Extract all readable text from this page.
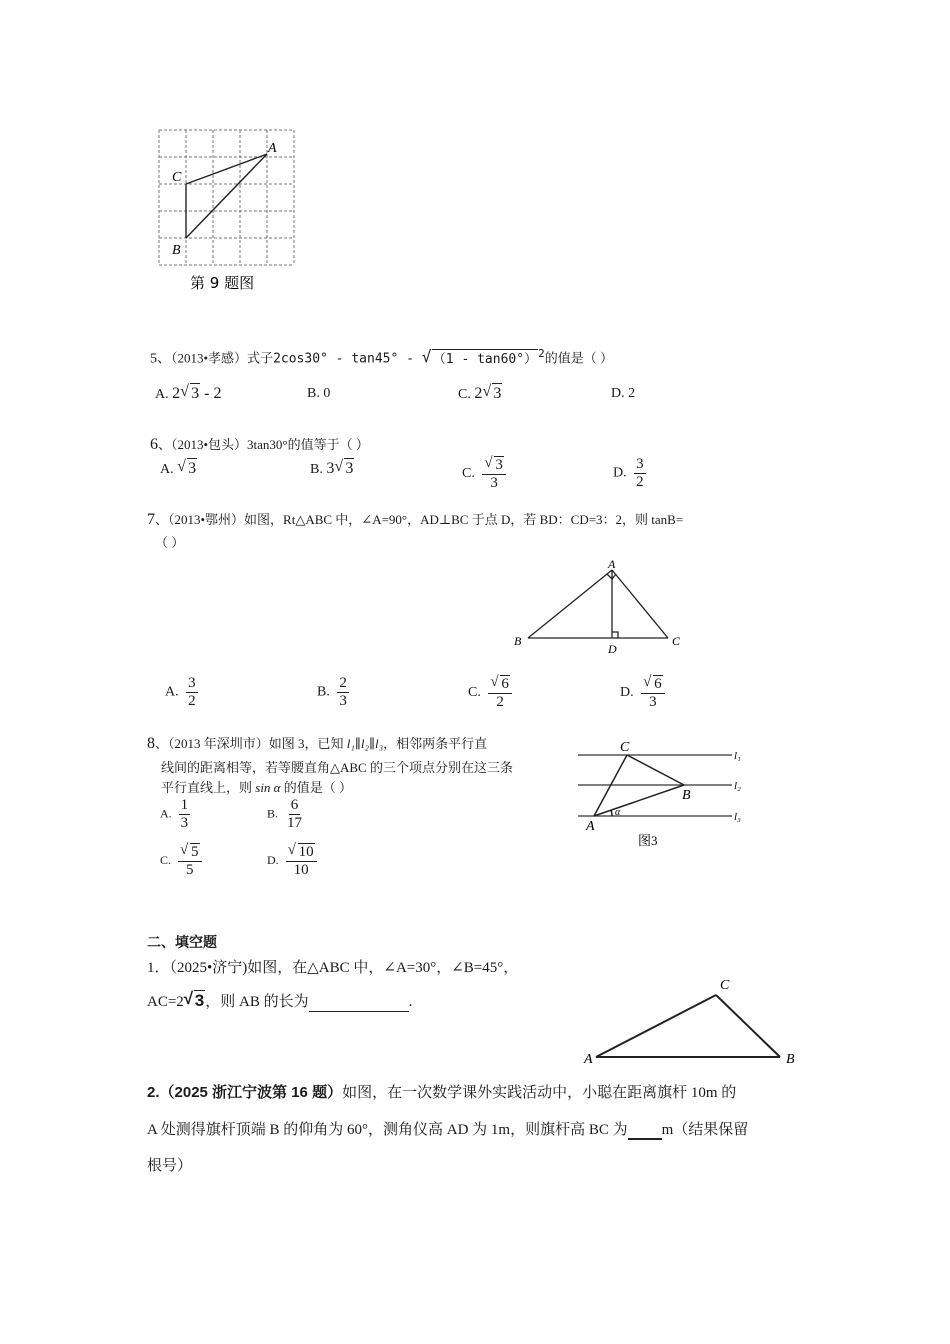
A
C
B
第 9 题图
5、（2013•孝感）式子2cos30° - tan45° - √ （1 - tan60°）$^2$的值是（ ）
A. 2 √ 3 - 2	B. 0	C. 2 √ 3	D. 2
6、（2013•包头）3tan30°的值等于（ ）
A. √ 3	B. 3 √ 3	C. √ $\frac{3}{3}$	D. $\frac{3}{2}$
7、（2013•鄂州）如图，Rt△ABC 中，∠A=90°，AD⊥BC 于点 D，若 BD：CD=3：2，则 tanB=
（ ）
A
B	C
D
A. $\frac{3}{2}$	B. $\frac{2}{3}$	C. √ $\frac{6}{2}$	D. √ $\frac{6}{3}$
8、（2013 年深圳市）如图 3，已知 l₁∥l₂∥l₃，相邻两条平行直
线间的距离相等，若等腰直角△ABC 的三个项点分别在这三条
平行直线上，则 sin α 的值是（ ）
A. $\frac{1}{3}$	B. $\frac{6}{17}$
C. √ $\frac{5}{5}$	D. √ $\frac{10}{10}$
C
B
A
α
l₁
l₂
l₃
图3
二、填空题
1．（2025•济宁)如图，在△ABC 中，∠A=30°，∠B=45°，
AC=2 √ 3，则 AB 的长为	.
C
A	B
2.（2025 浙江宁波第 16 题）如图，在一次数学课外实践活动中，小聪在距离旗杆 10m 的
A 处测得旗杆顶端 B 的仰角为 60°，测角仪高 AD 为 1m，则旗杆高 BC 为 m（结果保留
根号）
